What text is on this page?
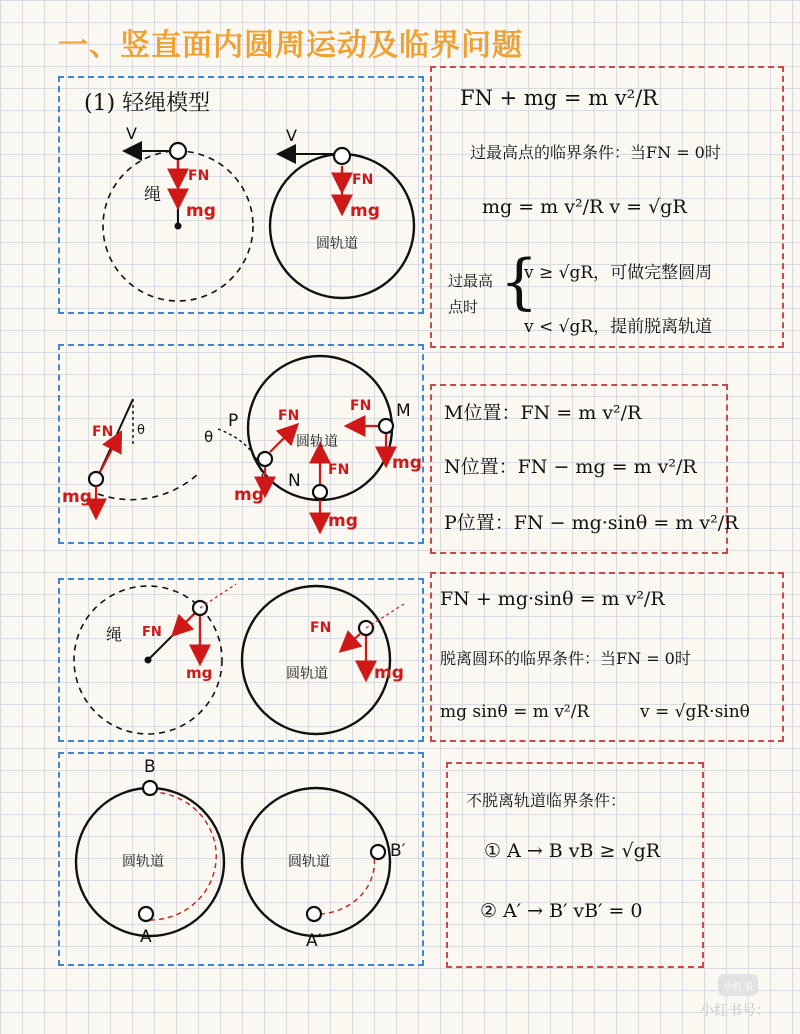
一、竖直面内圆周运动及临界问题
(1) 轻绳模型
V
FN
mg
绳
V
FN
mg
圆轨道
FN + mg = m v²/R
过最高点的临界条件：当FN = 0时
mg = m v²/R v = √gR
过最高点时 {
v ≥ √gR，可做完整圆周
v < √gR，提前脱离轨道
FN θ
mg
FN
mg
FN
mg
FN
mg
θ
P	M
N
圆轨道
M位置：FN = m v²/R
N位置：FN − mg = m v²/R
P位置：FN − mg·sinθ = m v²/R
FN
mg
绳	FN
mg
圆轨道
FN + mg·sinθ = m v²/R
脱离圆环的临界条件：当FN = 0时
mg sinθ = m v²/R	v = √gR·sinθ
B
A
圆轨道
B′
A′
圆轨道
不脱离轨道临界条件：
① A → B vB ≥ √gR
② A′ → B′ vB′ = 0
小红书
小红书号：
